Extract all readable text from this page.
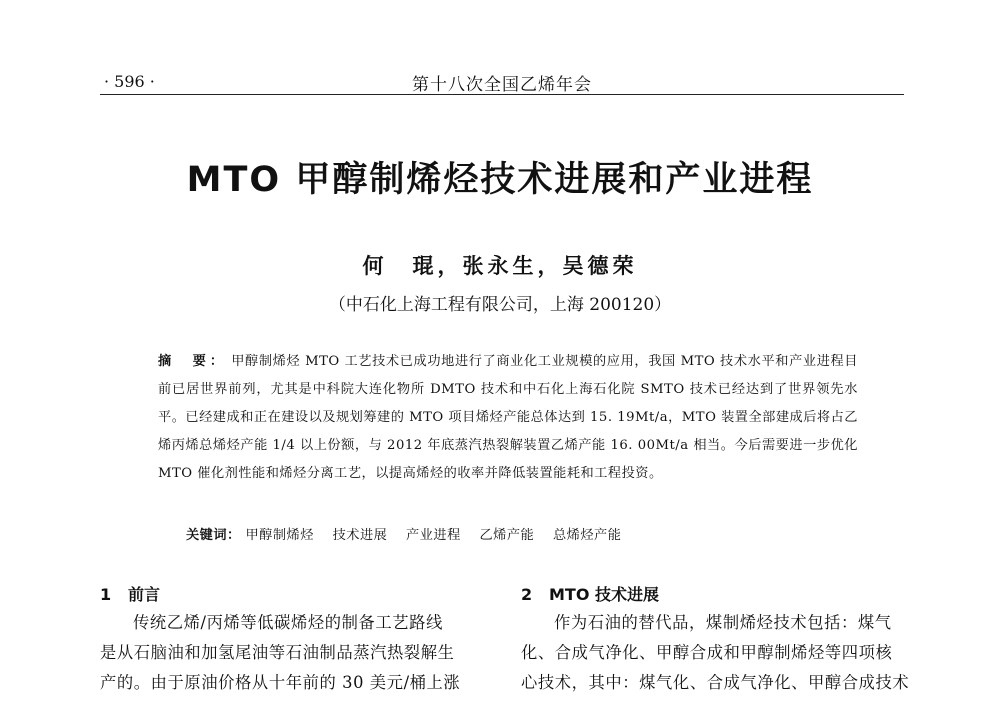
· 596 ·	第十八次全国乙烯年会
MTO 甲醇制烯烃技术进展和产业进程
何　琨，张永生，吴德荣
（中石化上海工程有限公司，上海 200120）
摘　要： 甲醇制烯烃 MTO 工艺技术已成功地进行了商业化工业规模的应用，我国 MTO 技术水平和产业进程目前已居世界前列，尤其是中科院大连化物所 DMTO 技术和中石化上海石化院 SMTO 技术已经达到了世界领先水平。已经建成和正在建设以及规划筹建的 MTO 项目烯烃产能总体达到 15. 19Mt/a，MTO 装置全部建成后将占乙烯丙烯总烯烃产能 1/4 以上份额，与 2012 年底蒸汽热裂解装置乙烯产能 16. 00Mt/a 相当。今后需要进一步优化 MTO 催化剂性能和烯烃分离工艺，以提高烯烃的收率并降低装置能耗和工程投资。
关键词： 甲醇制烯烃 技术进展 产业进程 乙烯产能 总烯烃产能
1 前言
传统乙烯/丙烯等低碳烯烃的制备工艺路线
是从石脑油和加氢尾油等石油制品蒸汽热裂解生
产的。由于原油价格从十年前的 30 美元/桶上涨
2 MTO 技术进展
作为石油的替代品，煤制烯烃技术包括：煤气
化、合成气净化、甲醇合成和甲醇制烯烃等四项核
心技术，其中：煤气化、合成气净化、甲醇合成技术
